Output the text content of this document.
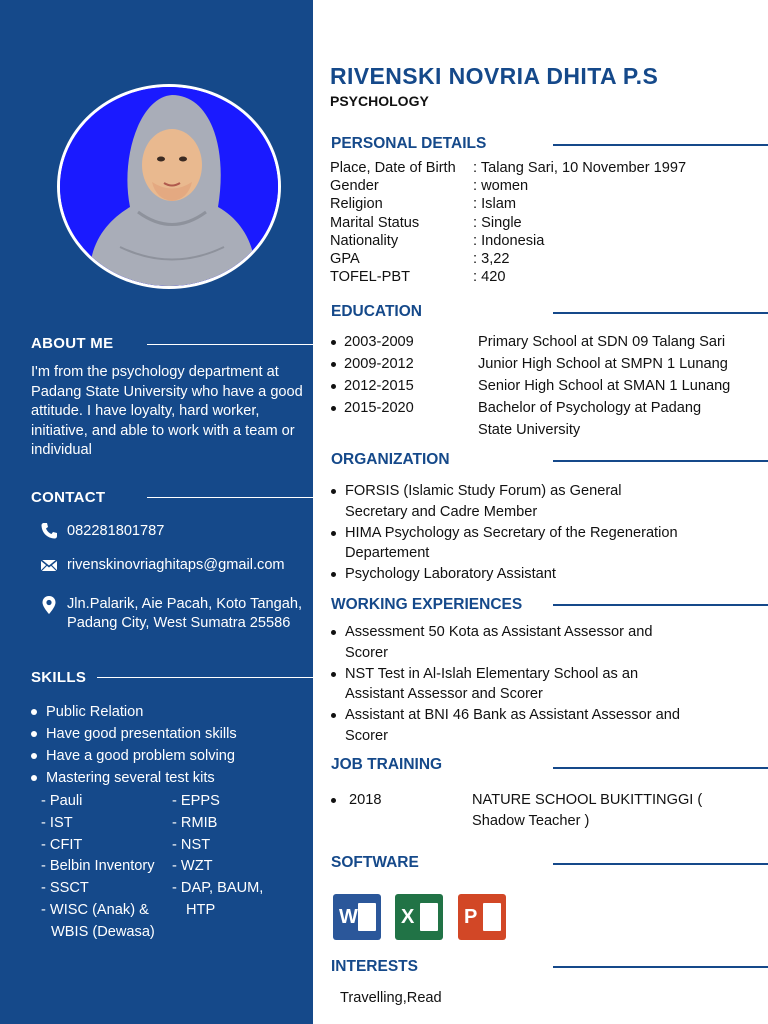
ABOUT ME
I'm from the psychology department at Padang State University who have a good attitude. I have loyalty, hard worker, initiative, and able to work with a team or individual
CONTACT
082281801787
rivenskinovriaghitaps@gmail.com
Jln.Palarik, Aie Pacah, Koto Tangah, Padang City, West Sumatra 25586
SKILLS
Public Relation
Have good presentation skills
Have a good problem solving
Mastering several test kits
- Pauli
- IST
- CFIT
- Belbin Inventory
- SSCT
- WISC (Anak) &
WBIS (Dewasa)
- EPPS
- RMIB
- NST
- WZT
- DAP, BAUM,
HTP
RIVENSKI NOVRIA DHITA P.S
PSYCHOLOGY
PERSONAL DETAILS
Place, Date of Birth : Talang Sari, 10 November 1997
Gender	: women
Religion	: Islam
Marital Status	: Single
Nationality	: Indonesia
GPA	: 3,22
TOFEL-PBT	: 420
EDUCATION
2003-2009	Primary School at SDN 09 Talang Sari
2009-2012	Junior High School at SMPN 1 Lunang
2012-2015	Senior High School at SMAN 1 Lunang
2015-2020	Bachelor of Psychology at Padang State University
ORGANIZATION
FORSIS (Islamic Study Forum) as General Secretary and Cadre Member
HIMA Psychology as Secretary of the Regeneration Departement
Psychology Laboratory Assistant
WORKING EXPERIENCES
Assessment 50 Kota as Assistant Assessor and Scorer
NST Test in Al-Islah Elementary School as an Assistant Assessor and Scorer
Assistant at BNI 46 Bank as Assistant Assessor and Scorer
JOB TRAINING
2018	NATURE SCHOOL BUKITTINGGI ( Shadow Teacher )
SOFTWARE
W X P
INTERESTS
Travelling,Read
